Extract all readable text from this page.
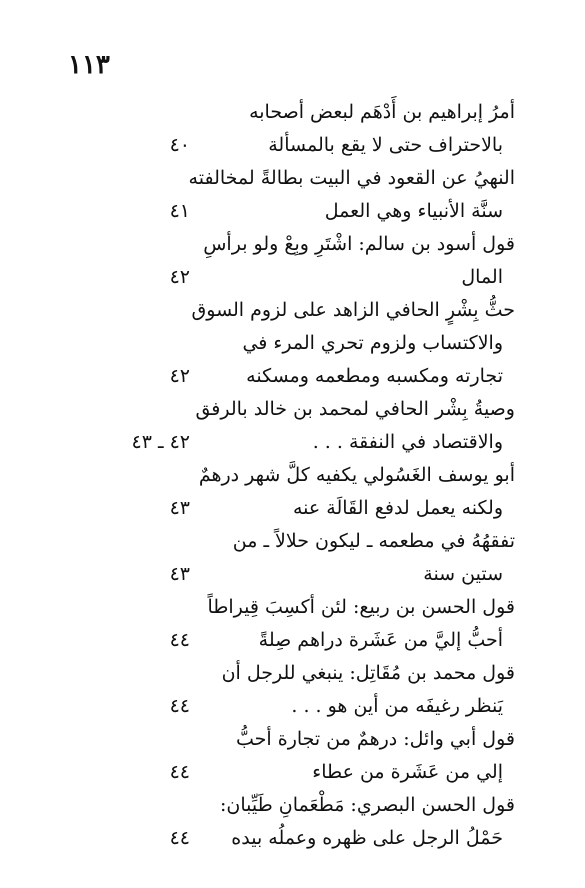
١١٣
أمرُ إبراهيم بن أَدْهَم لبعض أصحابه
بالاحتراف حتى لا يقع بالمسألة
٤٠
النهيُ عن القعود في البيت بطالةً لمخالفته
سنَّة الأنبياء وهي العمل
٤١
قول أسود بن سالم: اشْتَرِ وبِعْ ولو برأسِ
المال
٤٢
حثُّ بِشْرٍ الحافي الزاهد على لزوم السوق
والاكتساب ولزوم تحري المرء في
تجارته ومكسبه ومطعمه ومسكنه
٤٢
وصيةُ بِشْر الحافي لمحمد بن خالد بالرفق
والاقتصاد في النفقة . . .
٤٢ ـ ٤٣
أبو يوسف الغَسُولي يكفيه كلَّ شهر درهمٌ
ولكنه يعمل لدفع القَالَة عنه
٤٣
تفقهُهُ في مطعمه ـ ليكون حلالاً ـ من
ستين سنة
٤٣
قول الحسن بن ربيع: لئن أكسِبَ قِيراطاً
أحبُّ إليَّ من عَشَرة دراهم صِلةً
٤٤
قول محمد بن مُقَاتِل: ينبغي للرجل أن
يَنظر رغيفَه من أين هو . . .
٤٤
قول أبي وائل: درهمٌ من تجارة أحبُّ
إلي من عَشَرة من عطاء
٤٤
قول الحسن البصري: مَطْعَمانِ طَيِّبان:
حَمْلُ الرجل على ظهره وعملُه بيده
٤٤
